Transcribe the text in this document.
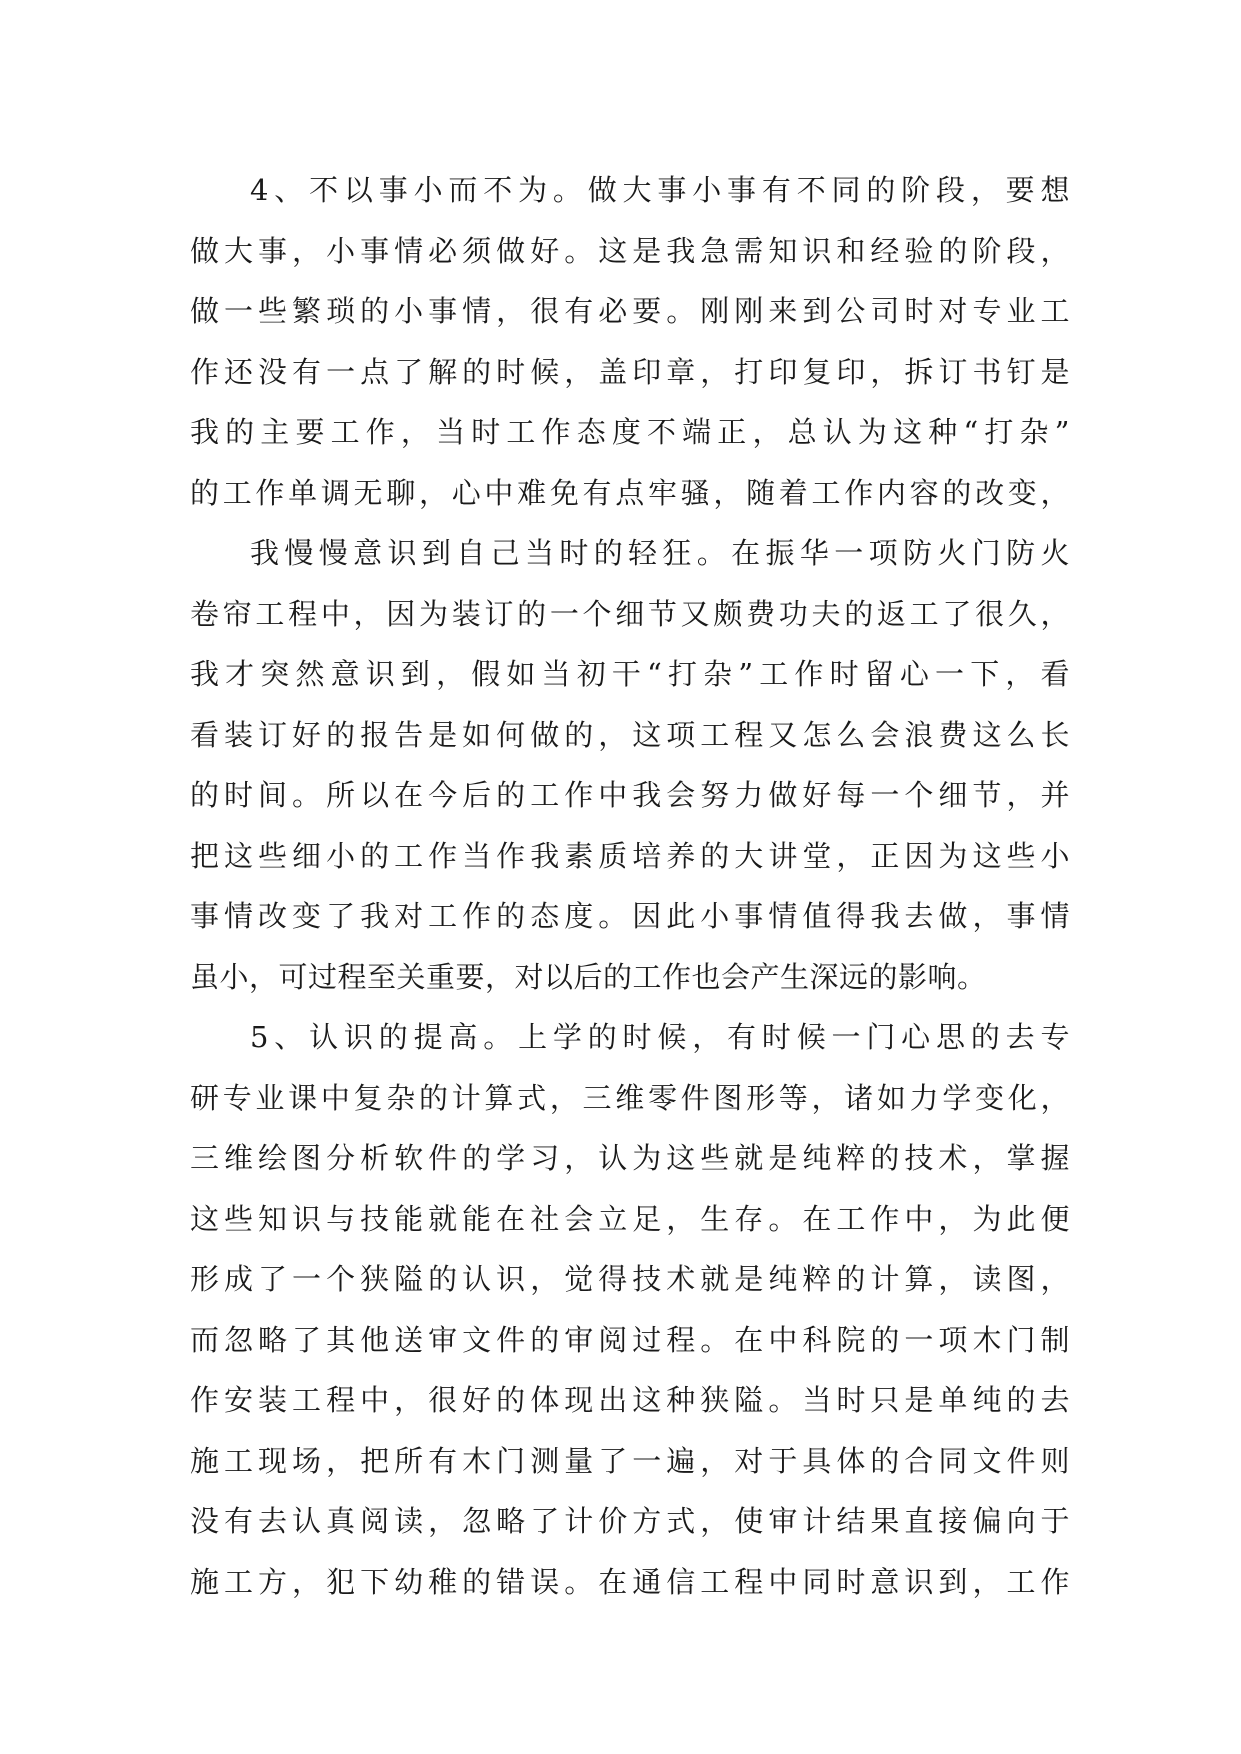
4、不以事小而不为。做大事小事有不同的阶段，要想
做大事，小事情必须做好。这是我急需知识和经验的阶段，
做一些繁琐的小事情，很有必要。刚刚来到公司时对专业工
作还没有一点了解的时候，盖印章，打印复印，拆订书钉是
我的主要工作，当时工作态度不端正，总认为这种“打杂”
的工作单调无聊，心中难免有点牢骚，随着工作内容的改变，
我慢慢意识到自己当时的轻狂。在振华一项防火门防火
卷帘工程中，因为装订的一个细节又颇费功夫的返工了很久，
我才突然意识到，假如当初干“打杂”工作时留心一下，看
看装订好的报告是如何做的，这项工程又怎么会浪费这么长
的时间。所以在今后的工作中我会努力做好每一个细节，并
把这些细小的工作当作我素质培养的大讲堂，正因为这些小
事情改变了我对工作的态度。因此小事情值得我去做，事情
虽小，可过程至关重要，对以后的工作也会产生深远的影响。
5、认识的提高。上学的时候，有时候一门心思的去专
研专业课中复杂的计算式，三维零件图形等，诸如力学变化，
三维绘图分析软件的学习，认为这些就是纯粹的技术，掌握
这些知识与技能就能在社会立足，生存。在工作中，为此便
形成了一个狭隘的认识，觉得技术就是纯粹的计算，读图，
而忽略了其他送审文件的审阅过程。在中科院的一项木门制
作安装工程中，很好的体现出这种狭隘。当时只是单纯的去
施工现场，把所有木门测量了一遍，对于具体的合同文件则
没有去认真阅读，忽略了计价方式，使审计结果直接偏向于
施工方，犯下幼稚的错误。在通信工程中同时意识到，工作
